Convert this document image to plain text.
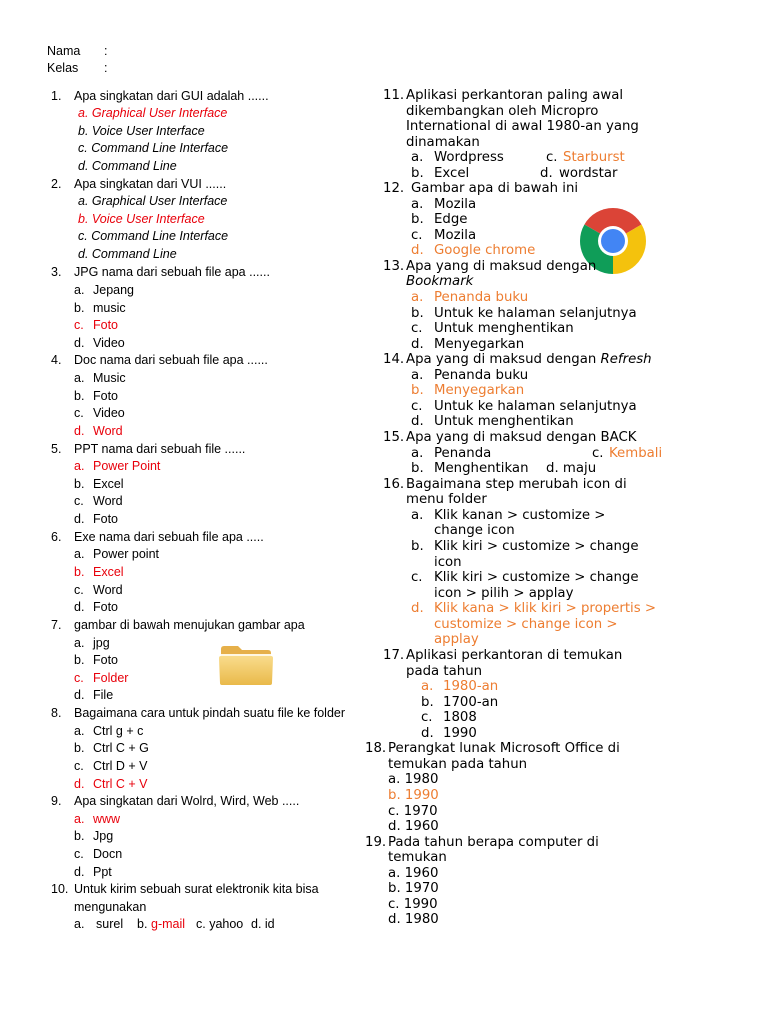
Nama :
Kelas :
1. Apa singkatan dari GUI adalah ......
a. Graphical User Interface
b. Voice User Interface
c. Command Line Interface
d. Command Line
2. Apa singkatan dari VUI ......
a. Graphical User Interface
b. Voice User Interface
c. Command Line Interface
d. Command Line
3. JPG nama dari sebuah file apa ......
a. Jepang
b. music
c. Foto
d. Video
4. Doc nama dari sebuah file apa ......
a. Music
b. Foto
c. Video
d. Word
5. PPT nama dari sebuah file ......
a. Power Point
b. Excel
c. Word
d. Foto
6. Exe nama dari sebuah file apa .....
a. Power point
b. Excel
c. Word
d. Foto
7. gambar di bawah menujukan gambar apa
a. jpg
b. Foto
c. Folder
d. File
8. Bagaimana cara untuk pindah suatu file ke folder
a. Ctrl g + c
b. Ctrl C + G
c. Ctrl D + V
d. Ctrl C + V
9. Apa singkatan dari Wolrd, Wird, Web .....
a. www
b. Jpg
c. Docn
d. Ppt
10. Untuk kirim sebuah surat elektronik kita bisa
mengunakan
a. surel b. g-mail c. yahoo d. id
11. Aplikasi perkantoran paling awal
dikembangkan oleh Micropro
International di awal 1980-an yang
dinamakan
a. Wordpress	c. Starburst
b. Excel	d. wordstar
12. Gambar apa di bawah ini
a. Mozila
b. Edge
c. Mozila
d. Google chrome
13. Apa yang di maksud dengan
Bookmark
a. Penanda buku
b. Untuk ke halaman selanjutnya
c. Untuk menghentikan
d. Menyegarkan
14. Apa yang di maksud dengan Refresh
a. Penanda buku
b. Menyegarkan
c. Untuk ke halaman selanjutnya
d. Untuk menghentikan
15. Apa yang di maksud dengan BACK
a. Penanda	c. Kembali
b. Menghentikan d. maju
16. Bagaimana step merubah icon di
menu folder
a. Klik kanan > customize >
change icon
b. Klik kiri > customize > change
icon
c. Klik kiri > customize > change
icon > pilih > applay
d. Klik kana > klik kiri > propertis >
customize > change icon >
applay
17. Aplikasi perkantoran di temukan
pada tahun
a. 1980-an
b. 1700-an
c. 1808
d. 1990
18. Perangkat lunak Microsoft Office di
temukan pada tahun
a. 1980
b. 1990
c. 1970
d. 1960
19. Pada tahun berapa computer di
temukan
a. 1960
b. 1970
c. 1990
d. 1980
